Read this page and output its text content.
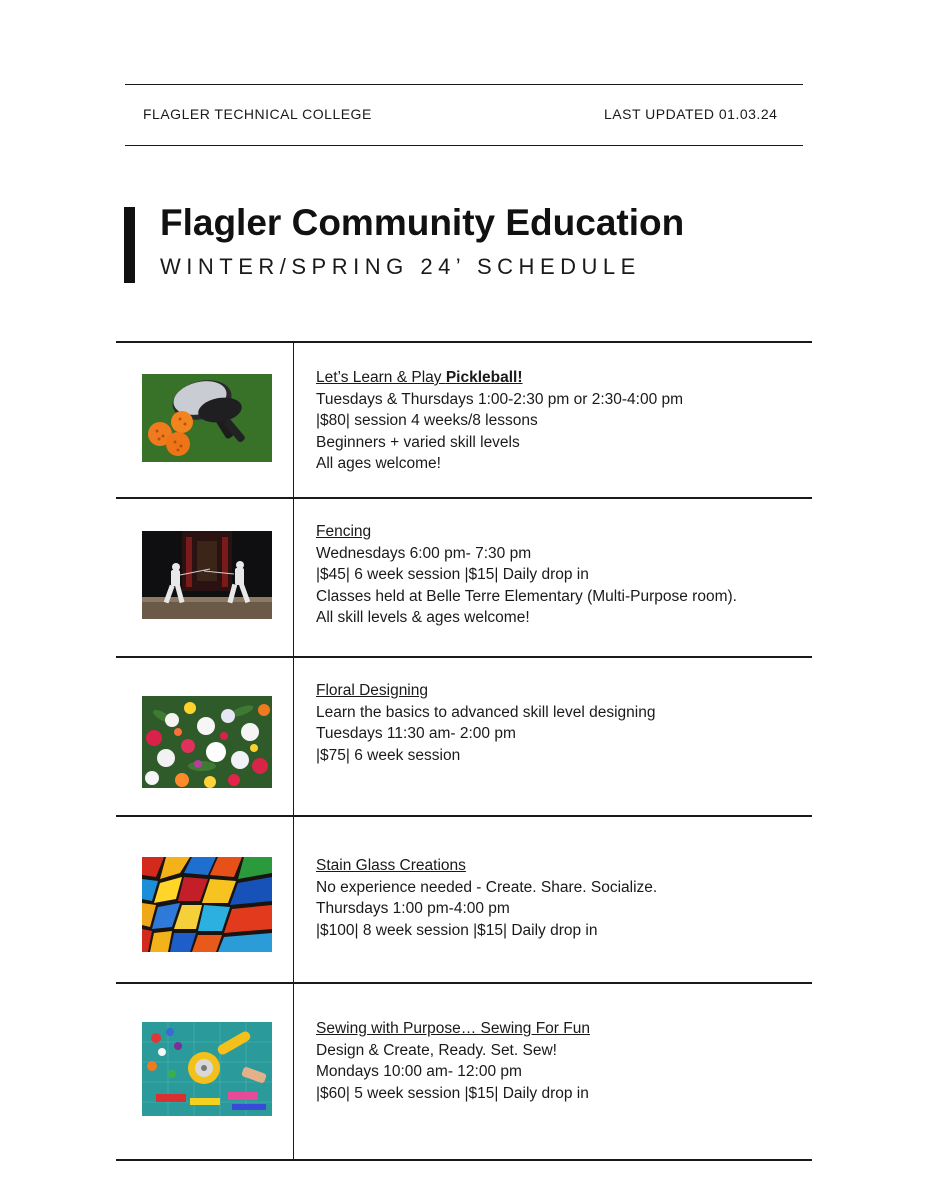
FLAGLER TECHNICAL COLLEGE	LAST UPDATED 01.03.24
Flagler Community Education
WINTER/SPRING 24’ SCHEDULE
Let’s Learn & Play Pickleball!
Tuesdays & Thursdays 1:00-2:30 pm or 2:30-4:00 pm
|$80| session 4 weeks/8 lessons
Beginners + varied skill levels
All ages welcome!
Fencing
Wednesdays 6:00 pm- 7:30 pm
|$45| 6 week session |$15| Daily drop in
Classes held at Belle Terre Elementary (Multi-Purpose room).
All skill levels & ages welcome!
Floral Designing
Learn the basics to advanced skill level designing
Tuesdays 11:30 am- 2:00 pm
|$75| 6 week session
Stain Glass Creations
No experience needed - Create. Share. Socialize.
Thursdays 1:00 pm-4:00 pm
|$100| 8 week session |$15| Daily drop in
Sewing with Purpose… Sewing For Fun
Design & Create, Ready. Set. Sew!
Mondays 10:00 am- 12:00 pm
|$60| 5 week session |$15| Daily drop in
